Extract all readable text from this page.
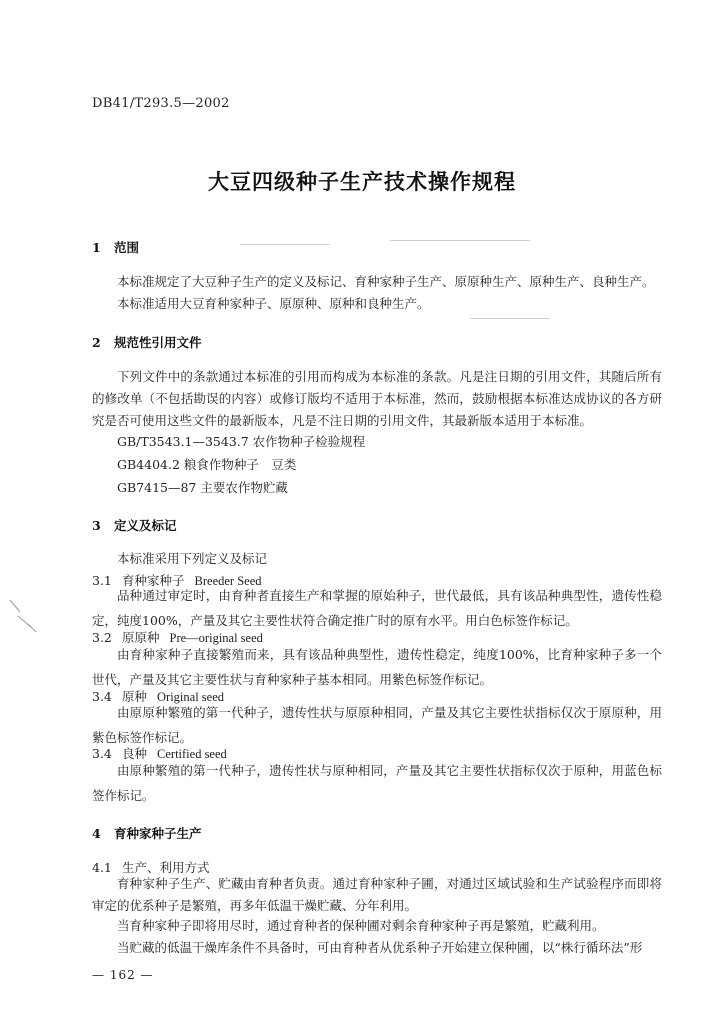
DB41/T293.5—2002
大豆四级种子生产技术操作规程
1 范围
本标准规定了大豆种子生产的定义及标记、育种家种子生产、原原种生产、原种生产、良种生产。
本标准适用大豆育种家种子、原原种、原种和良种生产。
2 规范性引用文件
下列文件中的条款通过本标准的引用而构成为本标准的条款。凡是注日期的引用文件，其随后所有的修改单（不包括勘误的内容）或修订版均不适用于本标准，然而，鼓励根据本标准达成协议的各方研究是否可使用这些文件的最新版本，凡是不注日期的引用文件，其最新版本适用于本标准。
GB/T3543.1—3543.7 农作物种子检验规程
GB4404.2 粮食作物种子　豆类
GB7415—87 主要农作物贮藏
3 定义及标记
本标准采用下列定义及标记
3.1 育种家种子 Breeder Seed
品种通过审定时，由育种者直接生产和掌握的原始种子，世代最低，具有该品种典型性，遗传性稳定，纯度100%，产量及其它主要性状符合确定推广时的原有水平。用白色标签作标记。
3.2 原原种 Pre—original seed
由育种家种子直接繁殖而来，具有该品种典型性，遗传性稳定，纯度100%，比育种家种子多一个世代，产量及其它主要性状与育种家种子基本相同。用紫色标签作标记。
3.4 原种 Original seed
由原原种繁殖的第一代种子，遗传性状与原原种相同，产量及其它主要性状指标仅次于原原种，用紫色标签作标记。
3.4 良种 Certified seed
由原种繁殖的第一代种子，遗传性状与原种相同，产量及其它主要性状指标仅次于原种，用蓝色标签作标记。
4 育种家种子生产
4.1 生产、利用方式
育种家种子生产、贮藏由育种者负责。通过育种家种子圃，对通过区域试验和生产试验程序而即将审定的优系种子是繁殖，再多年低温干燥贮藏、分年利用。
当育种家种子即将用尽时，通过育种者的保种圃对剩余育种家种子再是繁殖，贮藏利用。
当贮藏的低温干燥库条件不具备时，可由育种者从优系种子开始建立保种圃，以“株行循环法”形
— 162 —
